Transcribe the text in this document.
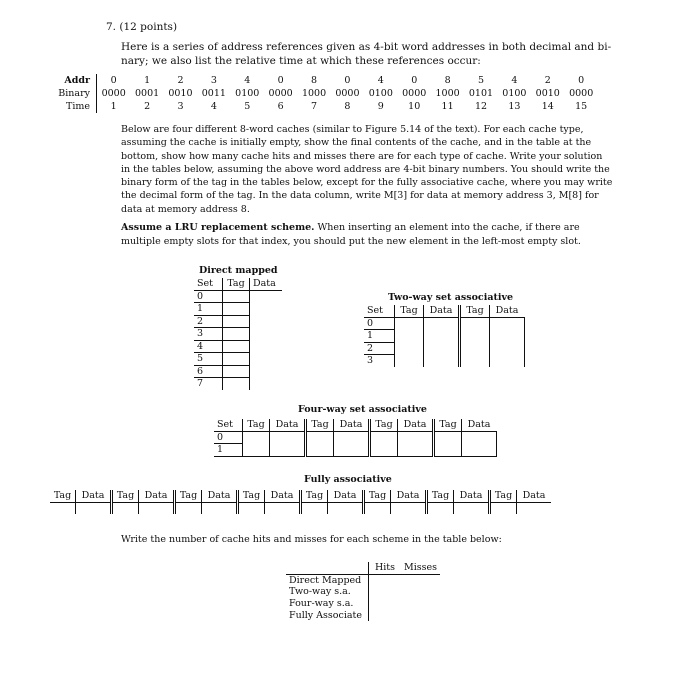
7. (12 points)
Here is a series of address references given as 4-bit word addresses in both decimal and bi-
nary; we also list the relative time at which these references occur:
Addr	0	1	2	3	4	0	8	0	4	0	8	5	4	2	0
Binary	0000	0001	0010	0011	0100	0000	1000	0000	0100	0000	1000	0101	0100	0010	0000
Time	1	2	3	4	5	6	7	8	9	10	11	12	13	14	15
Below are four different 8-word caches (similar to Figure 5.14 of the text). For each cache type,
assuming the cache is initially empty, show the final contents of the cache, and in the table at the
bottom, show how many cache hits and misses there are for each type of cache. Write your solution
in the tables below, assuming the above word address are 4-bit binary numbers. You should write the
binary form of the tag in the tables below, except for the fully associative cache, where you may write
the decimal form of the tag. In the data column, write M[3] for data at memory address 3, M[8] for
data at memory address 8.
Assume a LRU replacement scheme. When inserting an element into the cache, if there are
multiple empty slots for that index, you should put the new element in the left-most empty slot.
Direct mapped
Set	Tag	Data
0		
1		
2		
3		
4		
5		
6		
7		
Two-way set associative
Set	Tag	Data	Tag	Data
0				
1				
2				
3				
Four-way set associative
Set	Tag	Data	Tag	Data	Tag	Data	Tag	Data
0								
1								
Fully associative
Tag	Data	Tag	Data	Tag	Data	Tag	Data	Tag	Data	Tag	Data	Tag	Data	Tag	Data

Write the number of cache hits and misses for each scheme in the table below:
	Hits	Misses
Direct Mapped		
Two-way s.a.		
Four-way s.a.		
Fully Associate		
